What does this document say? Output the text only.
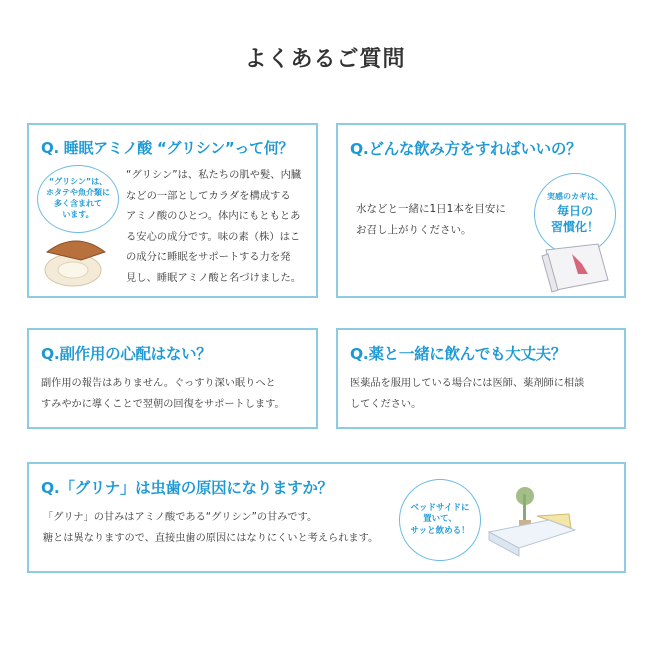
よくあるご質問
Q. 睡眠アミノ酸 “グリシン”って何？
“グリシン”は、私たちの肌や髪、内臓
などの一部としてカラダを構成する
アミノ酸のひとつ。体内にもともとあ
る安心の成分です。味の素（株）はこ
の成分に睡眠をサポートする力を発
見し、睡眠アミノ酸と名づけました。
“グリシン”は、
ホタテや魚介類に
多く含まれて
います。
Q.どんな飲み方をすればいいの？
水などと一緒に1日1本を目安に
お召し上がりください。
実感のカギは、
毎日の
習慣化！
Q.副作用の心配はない？
副作用の報告はありません。ぐっすり深い眠りへと
すみやかに導くことで翌朝の回復をサポートします。
Q.薬と一緒に飲んでも大丈夫？
医薬品を服用している場合には医師、薬剤師に相談
してください。
Q.「グリナ」は虫歯の原因になりますか？
「グリナ」の甘みはアミノ酸である“グリシン”の甘みです。
糖とは異なりますので、直接虫歯の原因にはなりにくいと考えられます。
ベッドサイドに
置いて、
サッと飲める！
